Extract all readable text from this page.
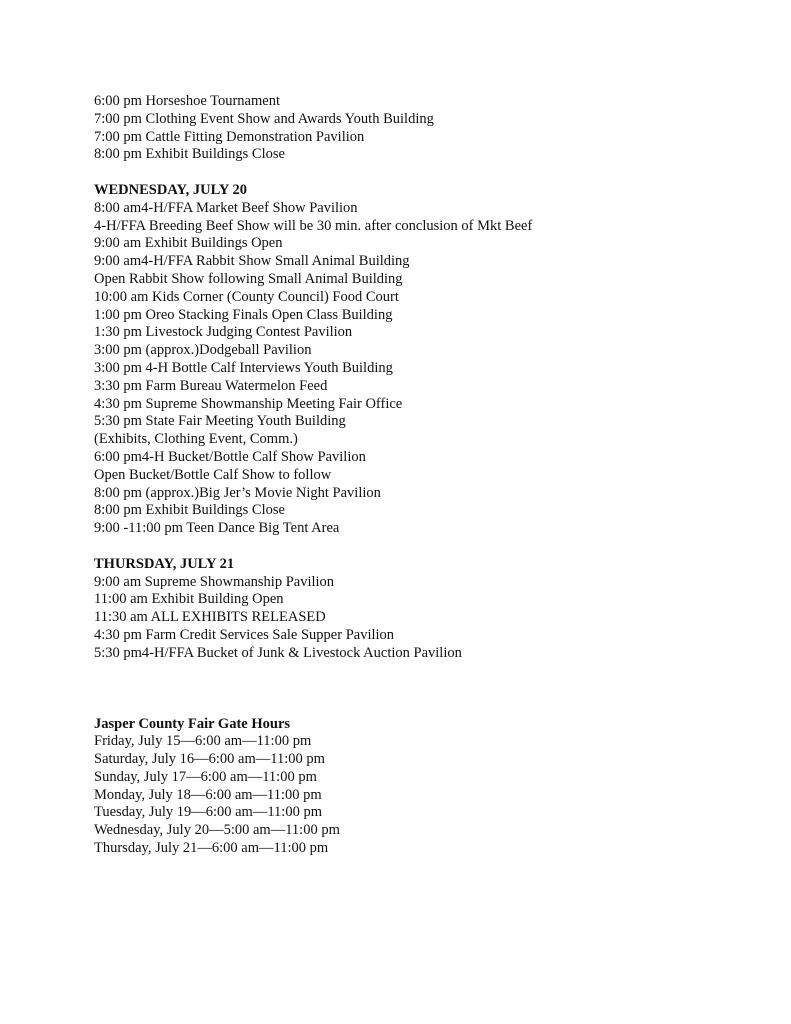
6:00 pm Horseshoe Tournament
7:00 pm Clothing Event Show and Awards Youth Building
7:00 pm Cattle Fitting Demonstration Pavilion
8:00 pm Exhibit Buildings Close
WEDNESDAY, JULY 20
8:00 am4-H/FFA Market Beef Show Pavilion
4-H/FFA Breeding Beef Show will be 30 min. after conclusion of Mkt Beef
9:00 am Exhibit Buildings Open
9:00 am4-H/FFA Rabbit Show Small Animal Building
Open Rabbit Show following Small Animal Building
10:00 am Kids Corner (County Council) Food Court
1:00 pm Oreo Stacking Finals Open Class Building
1:30 pm Livestock Judging Contest Pavilion
3:00 pm (approx.)Dodgeball Pavilion
3:00 pm 4-H Bottle Calf Interviews Youth Building
3:30 pm Farm Bureau Watermelon Feed
4:30 pm Supreme Showmanship Meeting Fair Office
5:30 pm State Fair Meeting Youth Building
(Exhibits, Clothing Event, Comm.)
6:00 pm4-H Bucket/Bottle Calf Show Pavilion
Open Bucket/Bottle Calf Show to follow
8:00 pm (approx.)Big Jer’s Movie Night Pavilion
8:00 pm Exhibit Buildings Close
9:00 -11:00 pm Teen Dance Big Tent Area
THURSDAY, JULY 21
9:00 am Supreme Showmanship Pavilion
11:00 am Exhibit Building Open
11:30 am ALL EXHIBITS RELEASED
4:30 pm Farm Credit Services Sale Supper Pavilion
5:30 pm4-H/FFA Bucket of Junk & Livestock Auction Pavilion
Jasper County Fair Gate Hours
Friday, July 15—6:00 am—11:00 pm
Saturday, July 16—6:00 am—11:00 pm
Sunday, July 17—6:00 am—11:00 pm
Monday, July 18—6:00 am—11:00 pm
Tuesday, July 19—6:00 am—11:00 pm
Wednesday, July 20—5:00 am—11:00 pm
Thursday, July 21—6:00 am—11:00 pm
